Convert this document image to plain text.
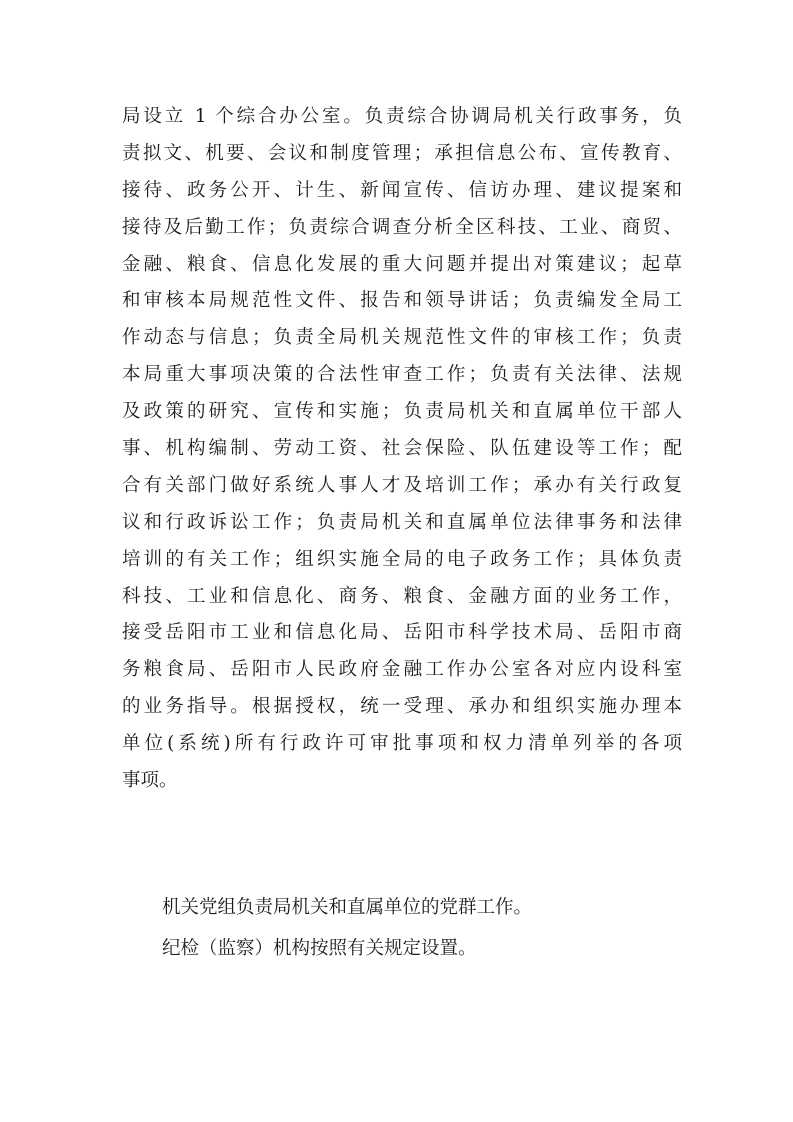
局设立 1 个综合办公室。负责综合协调局机关行政事务，负
责拟文、机要、会议和制度管理；承担信息公布、宣传教育、
接待、政务公开、计生、新闻宣传、信访办理、建议提案和
接待及后勤工作；负责综合调查分析全区科技、工业、商贸、
金融、粮食、信息化发展的重大问题并提出对策建议；起草
和审核本局规范性文件、报告和领导讲话；负责编发全局工
作动态与信息；负责全局机关规范性文件的审核工作；负责
本局重大事项决策的合法性审查工作；负责有关法律、法规
及政策的研究、宣传和实施；负责局机关和直属单位干部人
事、机构编制、劳动工资、社会保险、队伍建设等工作；配
合有关部门做好系统人事人才及培训工作；承办有关行政复
议和行政诉讼工作；负责局机关和直属单位法律事务和法律
培训的有关工作；组织实施全局的电子政务工作；具体负责
科技、工业和信息化、商务、粮食、金融方面的业务工作，
接受岳阳市工业和信息化局、岳阳市科学技术局、岳阳市商
务粮食局、岳阳市人民政府金融工作办公室各对应内设科室
的业务指导。根据授权，统一受理、承办和组织实施办理本
单位(系统)所有行政许可审批事项和权力清单列举的各项
事项。
机关党组负责局机关和直属单位的党群工作。
纪检（监察）机构按照有关规定设置。
